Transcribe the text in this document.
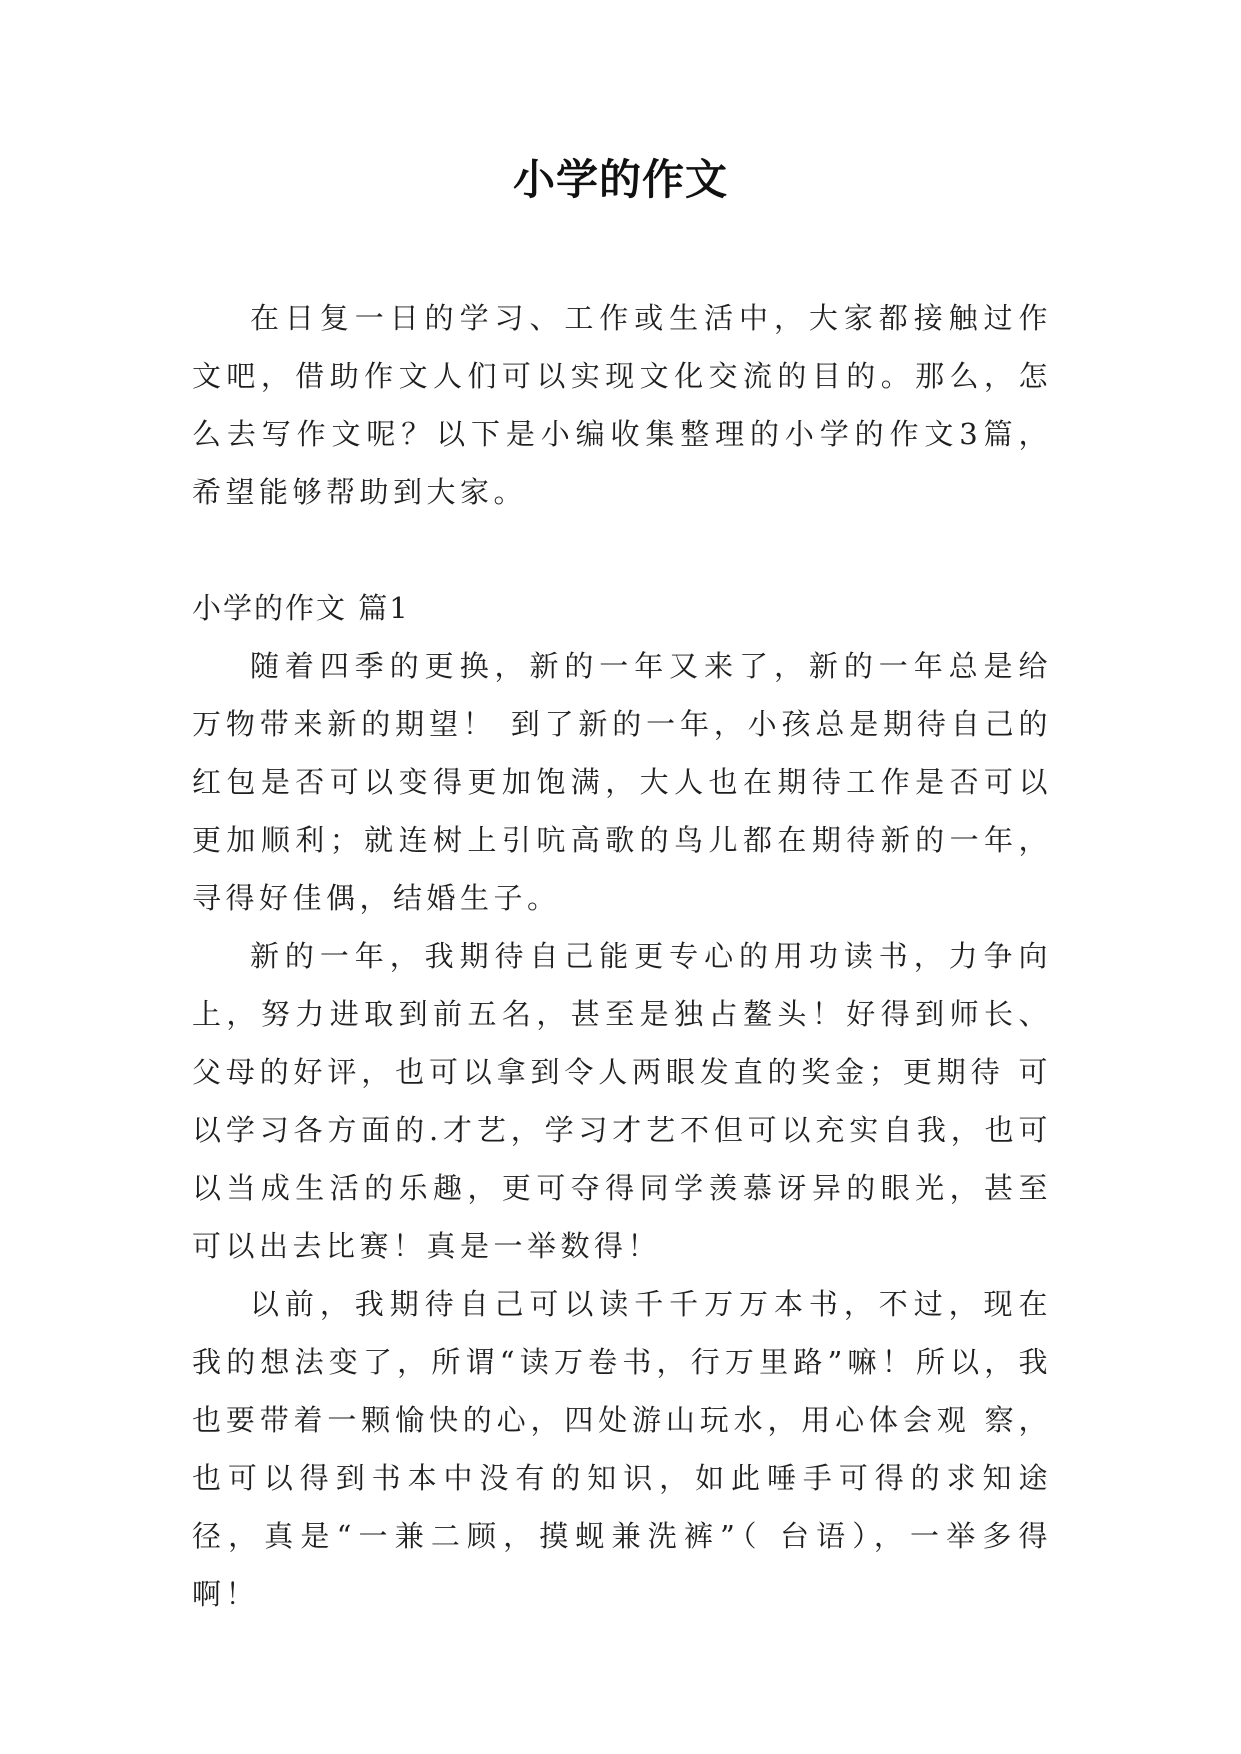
小学的作文

在日复一日的学习、工作或生活中，大家都接触过作文吧，借助作文人们可以实现文化交流的目的。那么，怎么去写作文呢？以下是小编收集整理的小学的作文3篇，希望能够帮助到大家。

小学的作文 篇1

随着四季的更换，新的一年又来了，新的一年总是给万物带来新的期望！ 到了新的一年，小孩总是期待自己的红包是否可以变得更加饱满，大人也在期待工作是否可以更加顺利；就连树上引吭高歌的鸟儿都在期待新的一年，寻得好佳偶，结婚生子。

新的一年，我期待自己能更专心的用功读书，力争向上，努力进取到前五名，甚至是独占鳌头！好得到师长、父母的好评，也可以拿到令人两眼发直的奖金；更期待 可以学习各方面的.才艺，学习才艺不但可以充实自我，也可以当成生活的乐趣，更可夺得同学羡慕讶异的眼光，甚至可以出去比赛！真是一举数得！

以前，我期待自己可以读千千万万本书，不过，现在我的想法变了，所谓“读万卷书，行万里路”嘛！所以，我也要带着一颗愉快的心，四处游山玩水，用心体会观 察，也可以得到书本中没有的知识，如此唾手可得的求知途径，真是“一兼二顾，摸蚬兼洗裤”（ 台语），一举多得啊！
